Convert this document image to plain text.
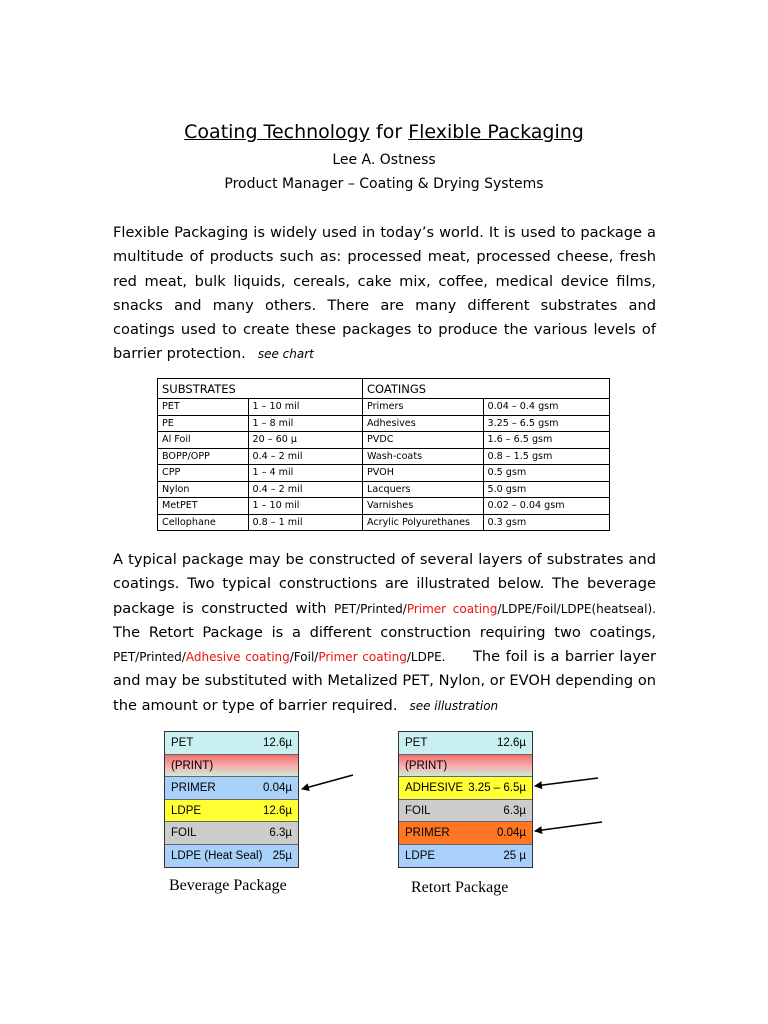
Coating Technology for Flexible Packaging
Lee A. Ostness
Product Manager – Coating & Drying Systems

Flexible Packaging is widely used in today’s world. It is used to package a multitude of products such as: processed meat, processed cheese, fresh red meat, bulk liquids, cereals, cake mix, coffee, medical device films, snacks and many others. There are many different substrates and coatings used to create these packages to produce the various levels of barrier protection. see chart

SUBSTRATES		COATINGS	
PET	1 – 10 mil	Primers	0.04 – 0.4 gsm
PE	1 – 8 mil	Adhesives	3.25 – 6.5 gsm
Al Foil	20 – 60 µ	PVDC	1.6 – 6.5 gsm
BOPP/OPP	0.4 – 2 mil	Wash-coats	0.8 – 1.5 gsm
CPP	1 – 4 mil	PVOH	0.5 gsm
Nylon	0.4 – 2 mil	Lacquers	5.0 gsm
MetPET	1 – 10 mil	Varnishes	0.02 – 0.04 gsm
Cellophane	0.8 – 1 mil	Acrylic Polyurethanes	0.3 gsm

A typical package may be constructed of several layers of substrates and coatings. Two typical constructions are illustrated below. The beverage package is constructed with PET/Printed/Primer coating/LDPE/Foil/LDPE(heatseal). The Retort Package is a different construction requiring two coatings, PET/Printed/Adhesive coating/Foil/Primer coating/LDPE.     The foil is a barrier layer and may be substituted with Metalized PET, Nylon, or EVOH depending on the amount or type of barrier required. see illustration

PET	12.6µ
(PRINT)
PRIMER	0.04µ
LDPE	12.6µ
FOIL	6.3µ
LDPE (Heat Seal) 25µ
Beverage Package
PET	12.6µ
(PRINT)
ADHESIVE 3.25 – 6.5µ
FOIL	6.3µ
PRIMER	0.04µ
LDPE	25 µ
Retort Package
